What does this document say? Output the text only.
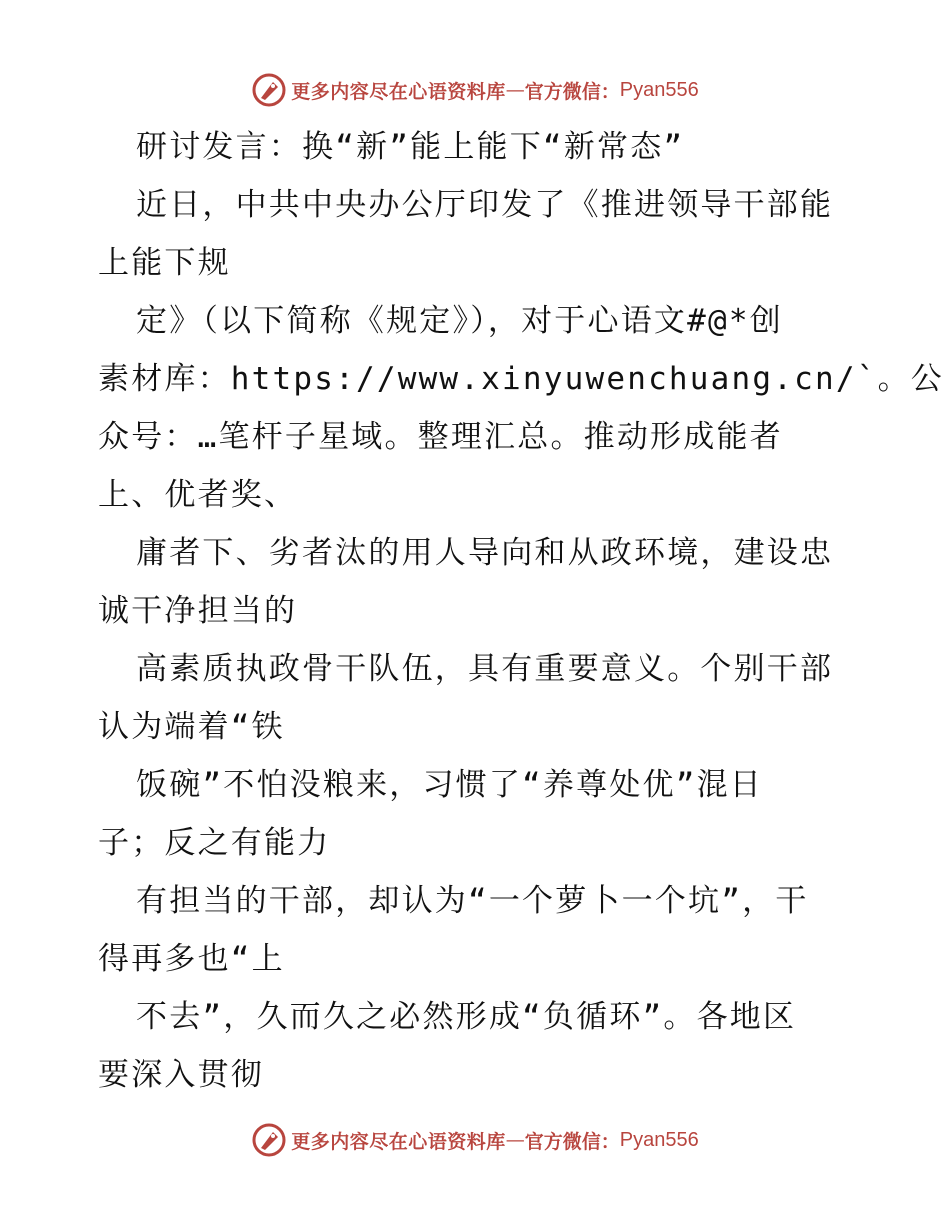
更多内容尽在心语资料库 — 官方微信： Pyan556
研讨发言：换“新”能上能下“新常态”
近日，中共中央办公厅印发了《推进领导干部能
上能下规
定》（以下简称《规定》），对于心语文#@*创
素材库：https://www.xinyuwenchuang.cn/`。公
众号：…笔杆子星域。整理汇总。推动形成能者
上、优者奖、
庸者下、劣者汰的用人导向和从政环境，建设忠
诚干净担当的
高素质执政骨干队伍，具有重要意义。个别干部
认为端着“铁
饭碗”不怕没粮来，习惯了“养尊处优”混日
子；反之有能力
有担当的干部，却认为“一个萝卜一个坑”，干
得再多也“上
不去”，久而久之必然形成“负循环”。各地区
要深入贯彻
更多内容尽在心语资料库 — 官方微信： Pyan556
